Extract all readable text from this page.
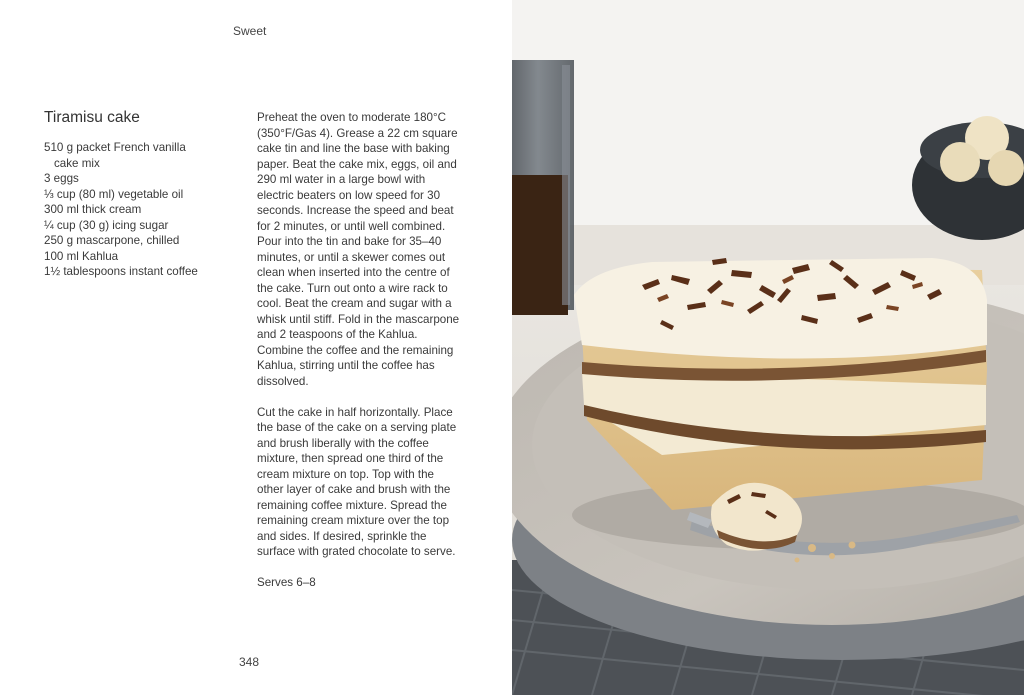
Sweet
Tiramisu cake
510 g packet French vanilla
cake mix
3 eggs
⅓ cup (80 ml) vegetable oil
300 ml thick cream
¼ cup (30 g) icing sugar
250 g mascarpone, chilled
100 ml Kahlua
1½ tablespoons instant coffee

Preheat the oven to moderate 180°C (350°F/Gas 4). Grease a 22 cm square cake tin and line the base with baking paper. Beat the cake mix, eggs, oil and 290 ml water in a large bowl with electric beaters on low speed for 30 seconds. Increase the speed and beat for 2 minutes, or until well combined. Pour into the tin and bake for 35–40 minutes, or until a skewer comes out clean when inserted into the centre of the cake. Turn out onto a wire rack to cool. Beat the cream and sugar with a whisk until stiff. Fold in the mascarpone and 2 teaspoons of the Kahlua. Combine the coffee and the remaining Kahlua, stirring until the coffee has dissolved.

Cut the cake in half horizontally. Place the base of the cake on a serving plate and brush liberally with the coffee mixture, then spread one third of the cream mixture on top. Top with the other layer of cake and brush with the remaining coffee mixture. Spread the remaining cream mixture over the top and sides. If desired, sprinkle the surface with grated chocolate to serve.

Serves 6–8

348
